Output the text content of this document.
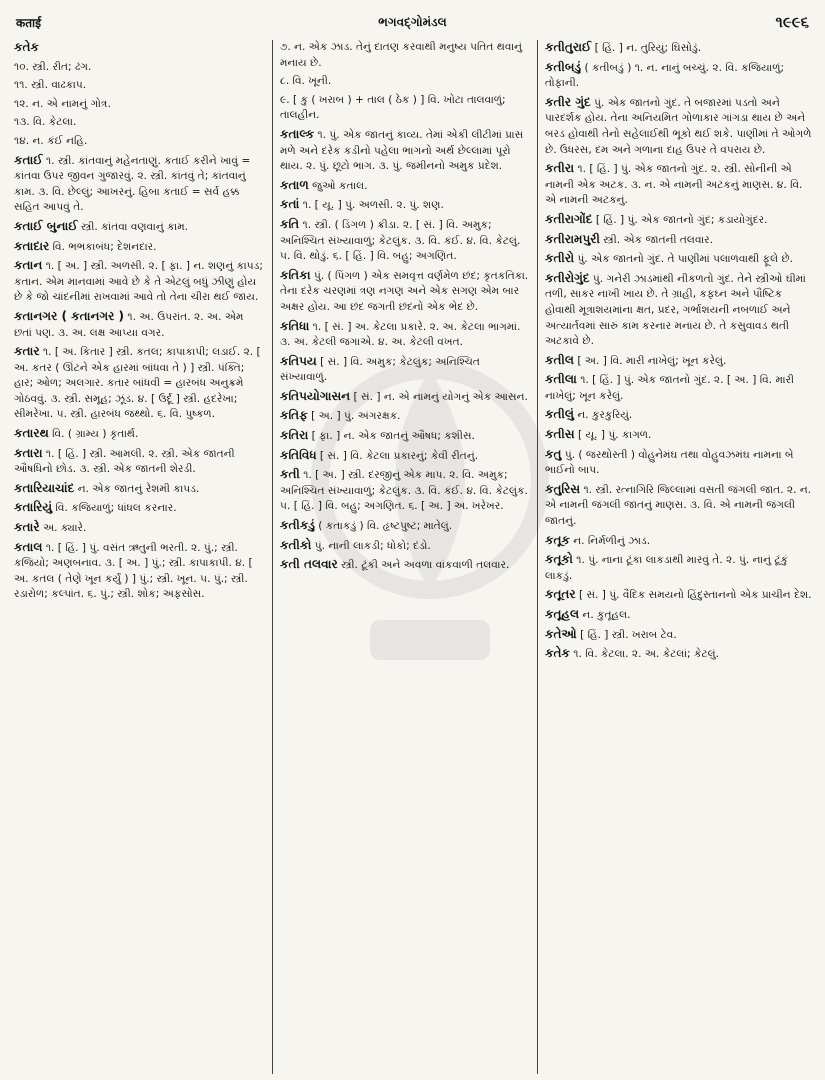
कताई	ભગવદ્‌ગોમંડલ	૧૯૯૬
કતેક
૧૦. સ્ત્રી. રીત; ઢંગ.
૧૧. સ્ત્રી. વાઢકાપ.
૧૨. ન. એ નામનું ગોત્ર.
૧૩. વિ. કેટલા.
૧૪. ન. કંઈ નહિ.
કતાઈ ૧. સ્ત્રી. કાંતવાનું મહેનતાણું. કતાઈ કરીને ખાવું = કાંતવા ઉપર જીવન ગુજારવું. ૨. સ્ત્રી. કાંતવું તે; કાંતવાનું કામ. ૩. વિ. છેલ્લું; આખરનું. હિબા કતાઈ = સર્વ હક્ક સહિત આપવું તે.
કતાઈ બુનાઈ સ્ત્રી. કાંતવા વણવાનું કામ.
કતાદાર વિ. ભભકાબંધ; દેશનદાર.
કતાન ૧. [ અ. ] સ્ત્રી. અળસી. ૨. [ ફા. ] ન. શણનું કાપડ; કતાન. એમ માનવામાં આવે છે કે તે એટલું બધું ઝીણું હોય છે કે જો ચાંદનીમાં રાખવામાં આવે તો તેના ચીરા થઈ જાય.
કતાનગર ( કતાનગર ) ૧. અ. ઉપરાંત. ૨. અ. એમ છતાં પણ. ૩. અ. લક્ષ આપ્યા વગર.
કતાર ૧. [ અ. કિતાર ] સ્ત્રી. કતલ; કાપાકાપી; લડાઈ. ૨. [ અ. કતર ( ઊંટને એક હારમાં બાંધવા તે ) ] સ્ત્રી. પંક્તિ; હાર; ઓળ; અલગાર. કતાર બાંધવી = હારબંધ અનુક્રમે ગોઠવવું. ૩. સ્ત્રી. સમૂહ; ઝૂંડ. ૪. [ ઉર્દૂ ] સ્ત્રી. હદરેખા; સીમરેખા. ૫. સ્ત્રી. હારબંધ જથ્થો. ૬. વિ. પુષ્કળ.
કતારથ વિ. ( ગ્રામ્ય ) કૃતાર્થ.
કતારા ૧. [ હિં. ] સ્ત્રી. આમલી. ૨. સ્ત્રી. એક જાતની ઔષધિનો છોડ. ૩. સ્ત્રી. એક જાતની શેરડી.
કતારિયાચાંદ ન. એક જાતનું રેશમી કાપડ.
કતારિયું વિ. કજિયાળું; ધાંધલ કરનાર.
કતારે અ. ક્યારે.
કતાલ ૧. [ હિં. ] પું. વસંત ઋતુની ભરતી. ૨. પું.; સ્ત્રી. કજિયો; અણબનાવ. ૩. [ અ. ] પું.; સ્ત્રી. કાપાકાપી. ૪. [ અ. કતલ ( તેણે ખૂન કર્યું ) ] પું.; સ્ત્રી. ખૂન. ૫. પું.; સ્ત્રી. રડારોળ; કલ્પાંત. ૬. પું.; સ્ત્રી. શોક; અફસોસ.
૭. ન. એક ઝાડ. તેનું દાતણ કરવાથી મનુષ્ય પતિત થવાનું મનાય છે.
૮. વિ. ખૂની.
૯. [ કુ ( ખરાબ ) + તાલ ( ઠેક ) ] વિ. ખોટા તાલવાળું; તાલહીન.
કતાલ્ક ૧. પું. એક જાતનું કાવ્ય. તેમાં એકી લીટીમાં પ્રાસ મળે અને દરેક કડીનો પહેલા ભાગનો અર્થ છેલ્લામાં પૂરો થાય. ૨. પું. છૂટો ભાગ. ૩. પું. જમીનનો અમુક પ્રદેશ.
કતાળ જુઓ કતાલ.
કતાં ૧. [ યૂ. ] પું. અળસી. ૨. પું. શણ.
કતિ ૧. સ્ત્રી. ( ડિંગળ ) ક્રીડા. ૨. [ સં. ] વિ. અમુક; અનિશ્ચિત સંખ્યાવાળું; કેટલુંક. ૩. વિ. કંઈ. ૪. વિ. કેટલું. ૫. વિ. થોડું. ૬. [ હિં. ] વિ. બહુ; અગણિત.
કતિકા પું. ( પિંગળ ) એક સમવૃત્ત વર્ણમેળ છંદ; કૃતકતિકા. તેના દરેક ચરણમાં ત્રણ નગણ અને એક સગણ એમ બાર અક્ષર હોય. આ છંદ જગતી છંદનો એક ભેદ છે.
કતિધા ૧. [ સં. ] અ. કેટલા પ્રકારે. ૨. અ. કેટલા ભાગમાં. ૩. અ. કેટલી જગાએ. ૪. અ. કેટલી વખત.
કતિપય [ સં. ] વિ. અમુક; કેટલુંક; અનિશ્ચિત સંખ્યાવાળું.
કતિપયોગાસન [ સં. ] ન. એ નામનું યોગનું એક આસન.
કતિફ [ અ. ] પું. અંગરક્ષક.
કતિરા [ ફા. ] ન. એક જાતનું ઔષધ; કશીસ.
કતિવિધ [ સં. ] વિ. કેટલા પ્રકારનું; કેવી રીતનું.
કતી ૧. [ અ. ] સ્ત્રી. દરજીનું એક માપ. ૨. વિ. અમુક; અનિશ્ચિત સંખ્યાવાળું; કેટલુંક. ૩. વિ. કંઈ. ૪. વિ. કેટલુંક. ૫. [ હિં. ] વિ. બહુ; અગણિત. ૬. [ અ. ] અ. ખરેખર.
કતીકડું ( કતાકડું ) વિ. હૃષ્ટપુષ્ટ; માતેલું.
કતીકો પું. નાની લાકડી; ધોકો; દંડો.
કતી તલવાર સ્ત્રી. ટૂંકી અને અવળા વાંકવાળી તલવાર.
કતીતુરાઈ [ હિં. ] ન. તુરિયું; ઘિસોડું.
કતીબડું ( કતીબડું ) ૧. ન. નાનું બચ્ચું. ૨. વિ. કજિયાળું; તોફાની.
કતીર ગુંદ પું. એક જાતનો ગુંદ. તે બજારમાં પડતો અને પારદર્શક હોય. તેના અનિયમિત ગોળાકાર ગાંગડા થાય છે અને બરડ હોવાથી તેનો સહેલાઈથી ભૂકો થઈ શકે. પાણીમાં તે ઓગળે છે. ઉધરસ, દમ અને ગળાના દાહ ઉપર તે વપરાય છે.
કતીરા ૧. [ હિં. ] પું. એક જાતનો ગુંદ. ૨. સ્ત્રી. સોનીની એ નામની એક અટક. ૩. ન. એ નામની અટકનું માણસ. ૪. વિ. એ નામની અટકનું.
કતીરાગોંદ [ હિં. ] પું. એક જાતનો ગુંદ; કડાયોગુંદર.
કતીરામપુરી સ્ત્રી. એક જાતની તલવાર.
કતીરો પું. એક જાતનો ગુંદ. તે પાણીમાં પલાળવાથી ફૂલે છે.
કતીરોગુંદ પું. ગનેરી ઝાડમાંથી નીકળતો ગુંદ. તેને સ્ત્રીઓ ઘીમાં તળી, સાકર નાખી ખાય છે. તે ગ્રાહી, કફઘ્ન અને પૌષ્ટિક હોવાથી મૂત્રાશયમાંના ક્ષત, પ્રદર, ગર્ભાશયની નબળાઈ અને અત્યાર્તવમાં સારું કામ કરનાર મનાય છે. તે કસુવાવડ થતી અટકાવે છે.
કતીલ [ અ. ] વિ. મારી નાખેલું; ખૂન કરેલું.
કતીલા ૧. [ હિં. ] પું. એક જાતનો ગુંદ. ૨. [ અ. ] વિ. મારી નાખેલું; ખૂન કરેલું.
કતીલું ન. કુરકુરિયું.
કતીસ [ યૂ. ] પું. કાગળ.
કતુ પું. ( જરથોસ્તી ) વોહુનેમંઘ તથા વોહુવઝમંઘ નામના બે ભાઈનો બાપ.
કતુરિસ ૧. સ્ત્રી. રત્નાગિરિ જિલ્લામાં વસતી જંગલી જાત. ૨. ન. એ નામની જંગલી જાતનું માણસ. ૩. વિ. એ નામની જંગલી જાતનું.
કતૂક ન. નિર્મળીનું ઝાડ.
કતૂકો ૧. પું. નાના ટૂંકા લાકડાથી મારવું તે. ૨. પું. નાનું ટૂંકું લાકડું.
કતૂતર [ સં. ] પું. વૈદિક સમયનો હિંદુસ્તાનનો એક પ્રાચીન દેશ.
કતૂહલ ન. કુતૂહલ.
કતેઓ [ હિં. ] સ્ત્રી. ખરાબ ટેવ.
કતેક ૧. વિ. કેટલા. ૨. અ. કેટલાં; કેટલું.
